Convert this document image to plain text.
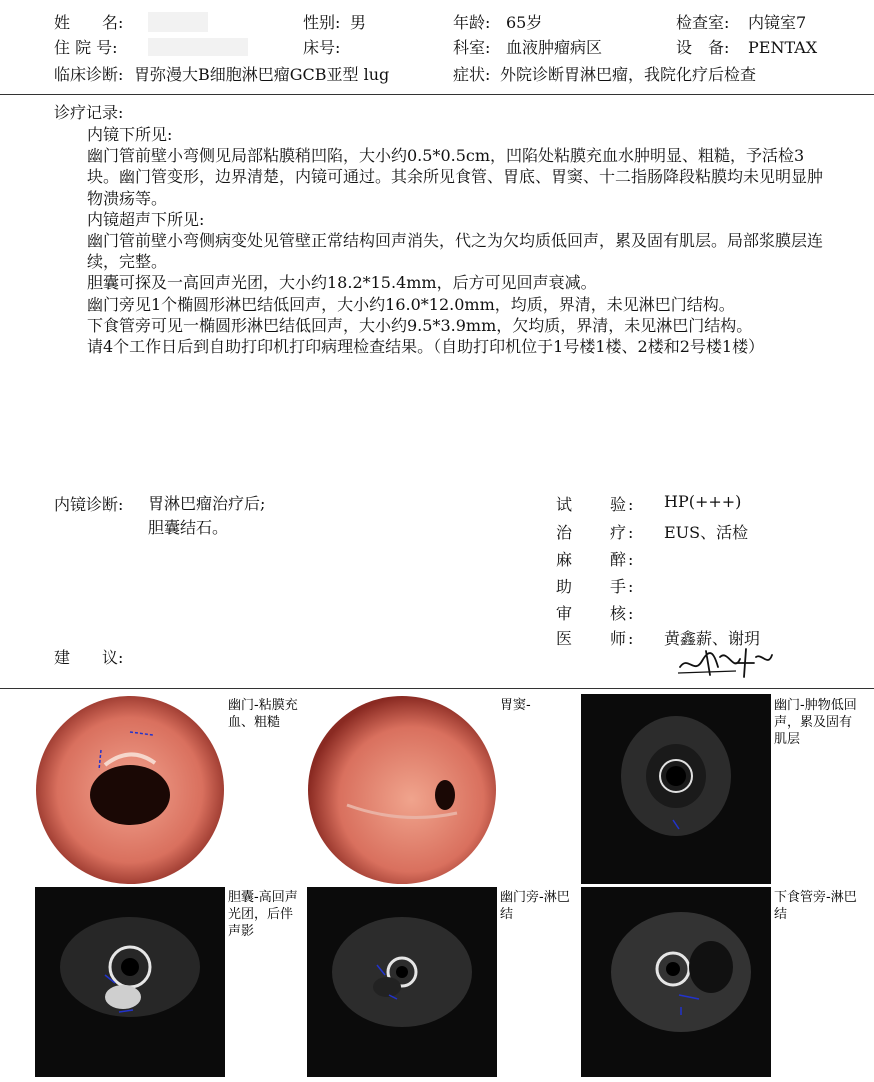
姓　　名:	性别: 男	年龄: 65岁	检查室: 内镜室7
住 院 号:	床号:	科室: 血液肿瘤病区	设　备: PENTAX
临床诊断: 胃弥漫大B细胞淋巴瘤GCB亚型 lug	症状: 外院诊断胃淋巴瘤，我院化疗后检查
诊疗记录:

内镜下所见:

幽门管前壁小弯侧见局部粘膜稍凹陷，大小约0.5*0.5cm，凹陷处粘膜充血水肿明显、粗糙，予活检3块。幽门管变形，边界清楚，内镜可通过。其余所见食管、胃底、胃窦、十二指肠降段粘膜均未见明显肿物溃疡等。

内镜超声下所见:

幽门管前壁小弯侧病变处见管壁正常结构回声消失，代之为欠均质低回声，累及固有肌层。局部浆膜层连续，完整。

胆囊可探及一高回声光团，大小约18.2*15.4mm，后方可见回声衰减。

幽门旁见1个椭圆形淋巴结低回声，大小约16.0*12.0mm，均质，界清，未见淋巴门结构。

下食管旁可见一椭圆形淋巴结低回声，大小约9.5*3.9mm，欠均质，界清，未见淋巴门结构。

请4个工作日后到自助打印机打印病理检查结果。（自助打印机位于1号楼1楼、2楼和2号楼1楼）

内镜诊断: 胃淋巴瘤治疗后;
胆囊结石。
建　　议:
试　　验: HP(+++)
治　　疗: EUS、活检
麻　　醉:
助　　手:
审　　核:
医　　师: 黄鑫薪、谢玥
幽门-粘膜充血、粗糙
胃窦-	幽门-肿物低回声，累及固有肌层
胆囊-高回声光团，后伴声影
幽门旁-淋巴结
下食管旁-淋巴结
